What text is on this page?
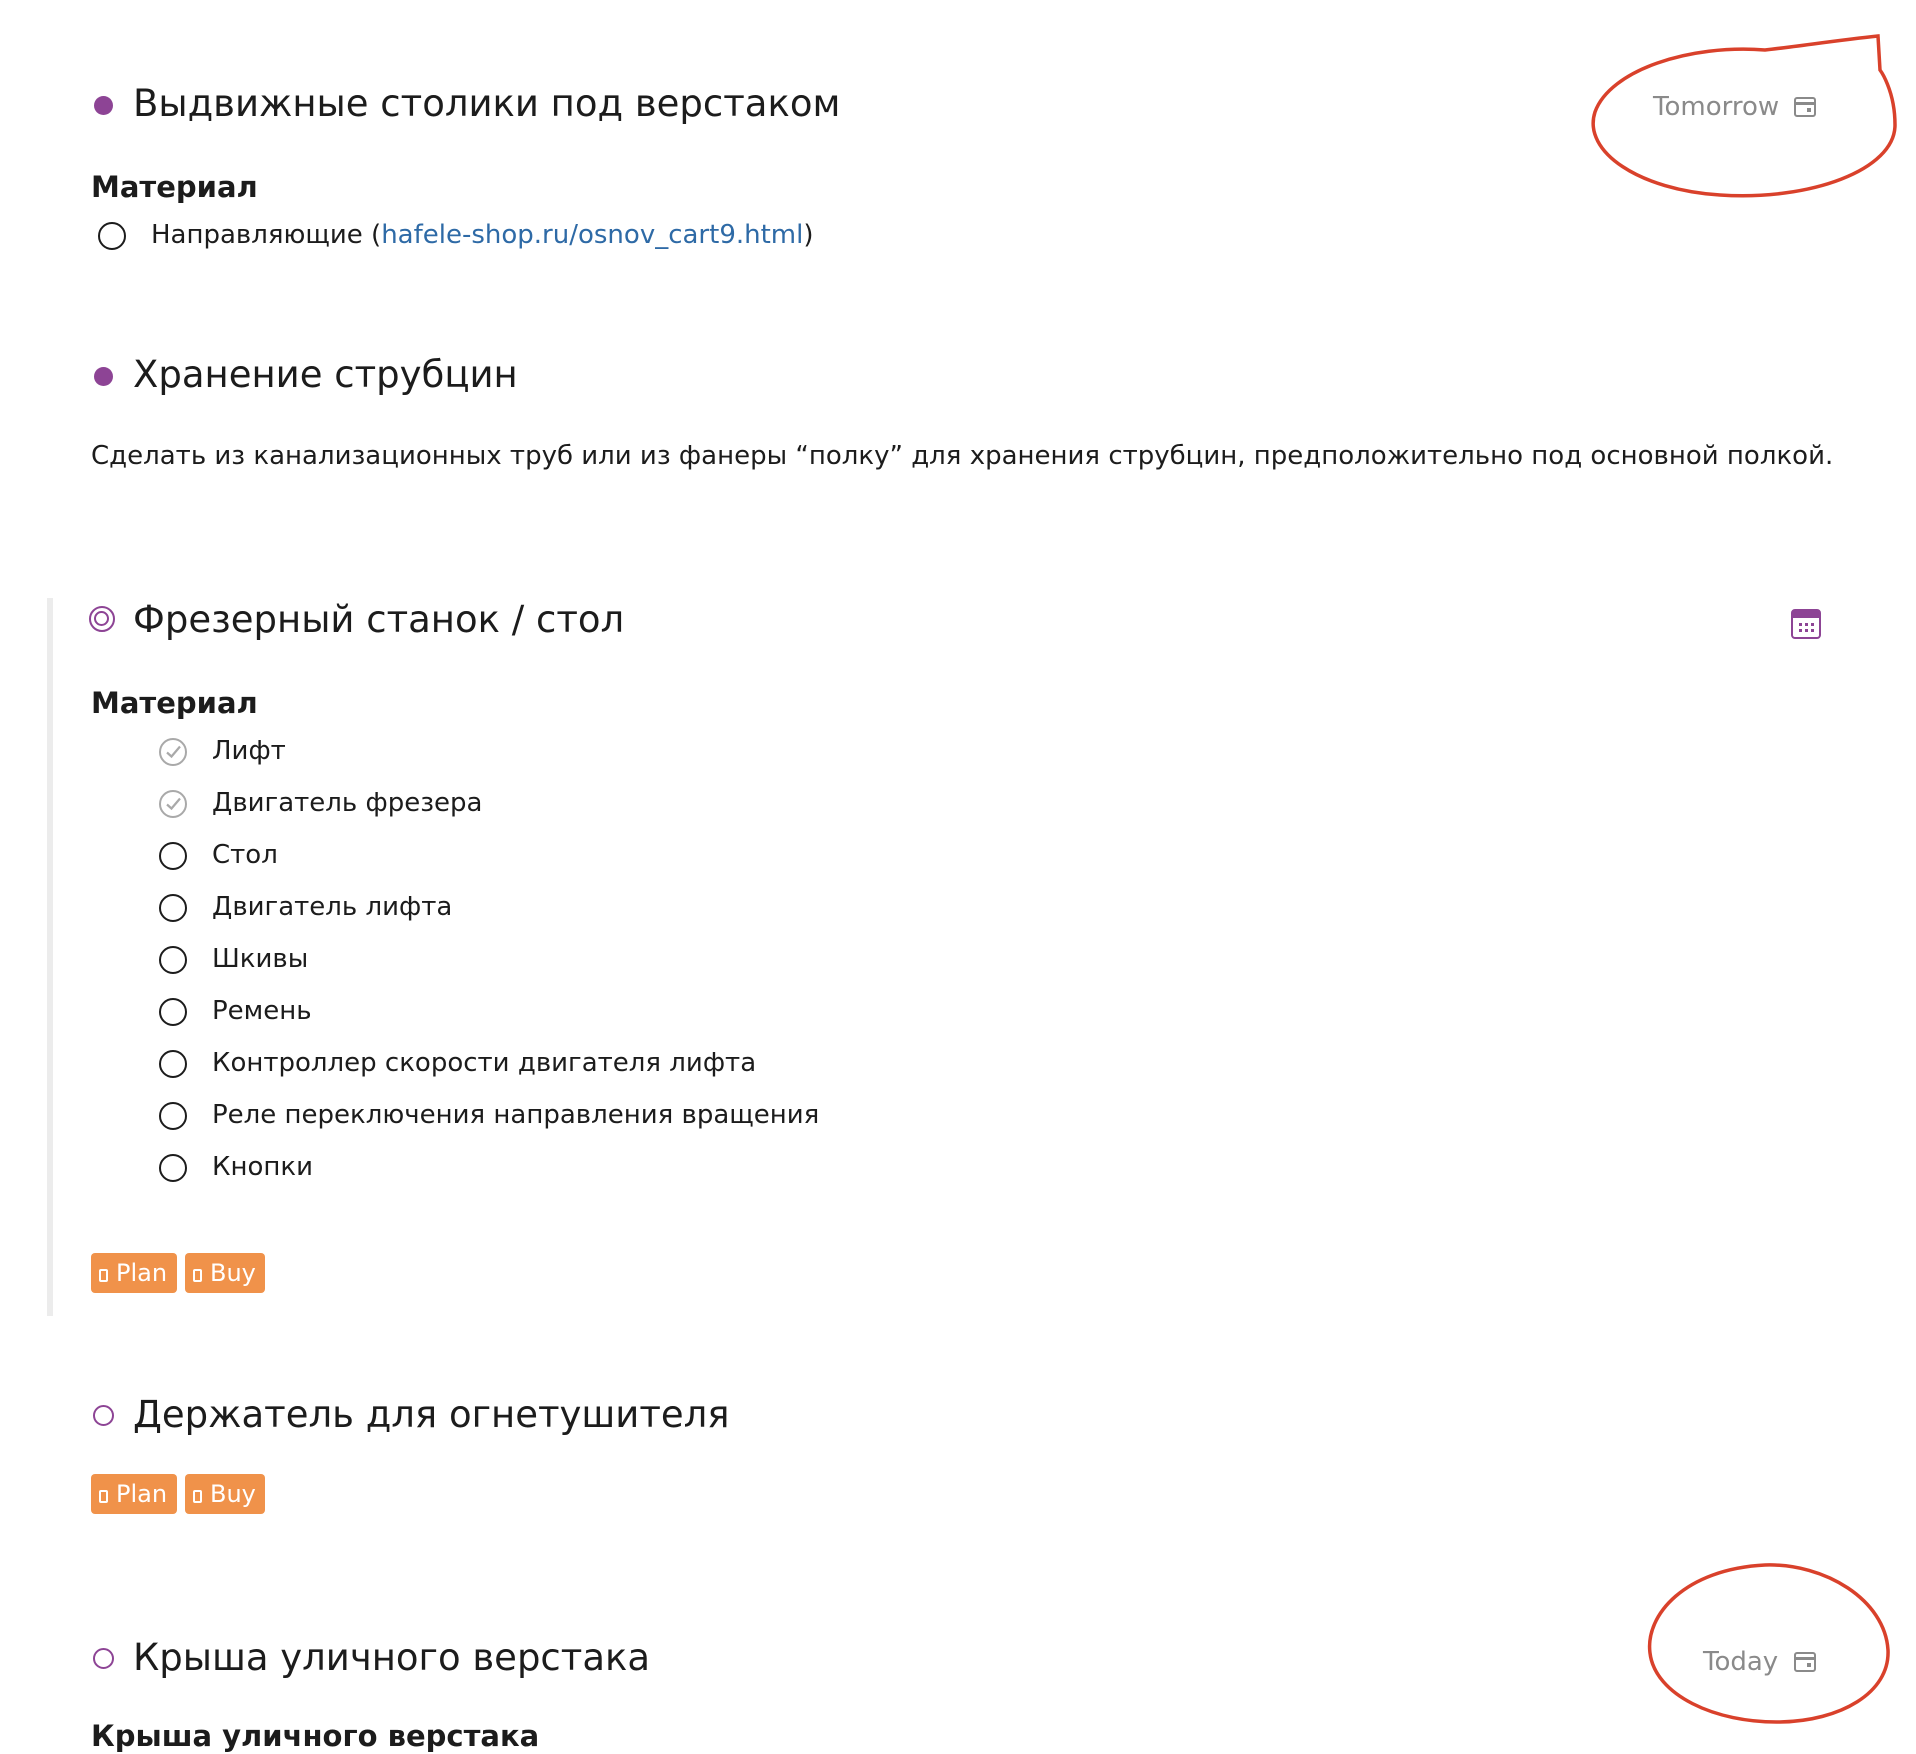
Выдвижные столики под верстаком	Tomorrow
Материал
Направляющие (hafele-shop.ru/osnov_cart9.html)
Хранение струбцин
Сделать из канализационных труб или из фанеры “полку” для хранения струбцин, предположительно под основной полкой.
Фрезерный станок / стол
Материал
Лифт
Двигатель фрезера
Стол
Двигатель лифта
Шкивы
Ремень
Контроллер скорости двигателя лифта
Реле переключения направления вращения
Кнопки
Plan	Buy
Держатель для огнетушителя
Plan	Buy
Крыша уличного верстака	Today
Крыша уличного верстака
